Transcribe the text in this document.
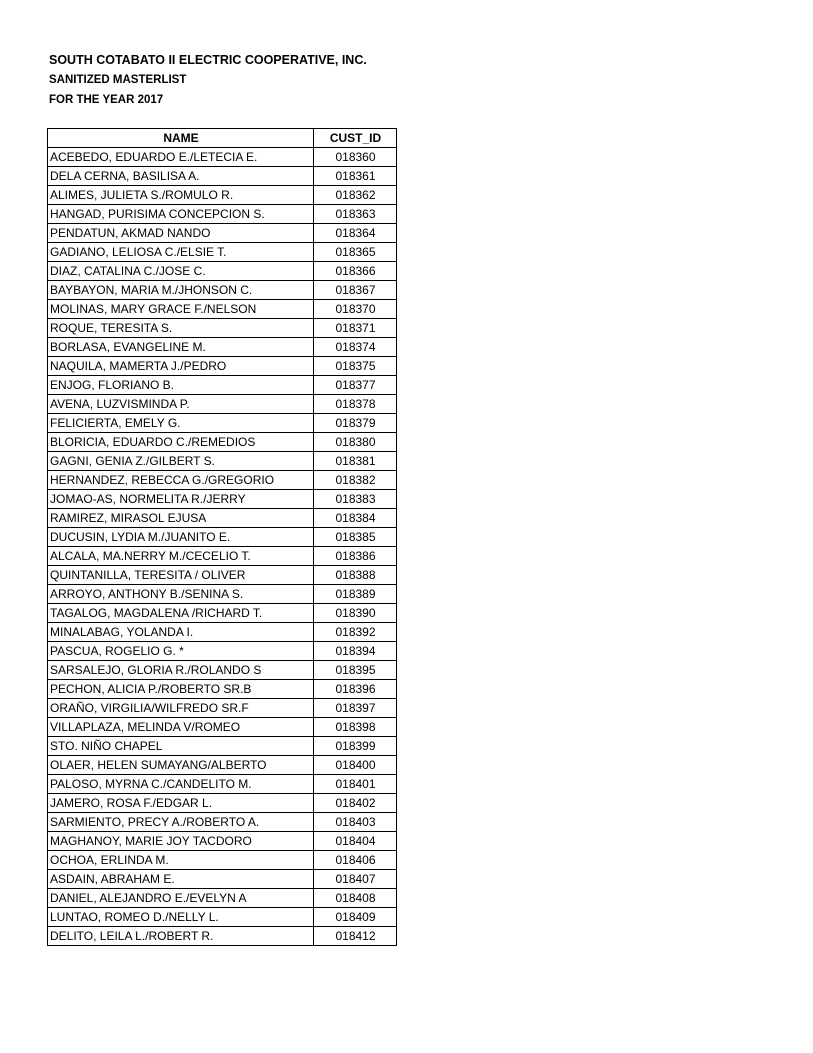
SOUTH COTABATO II ELECTRIC COOPERATIVE, INC.
SANITIZED MASTERLIST
FOR THE YEAR 2017
NAME	CUST_ID
ACEBEDO, EDUARDO E./LETECIA E.	018360
DELA CERNA, BASILISA A.	018361
ALIMES, JULIETA S./ROMULO R.	018362
HANGAD, PURISIMA CONCEPCION S.	018363
PENDATUN, AKMAD NANDO	018364
GADIANO, LELIOSA C./ELSIE T.	018365
DIAZ, CATALINA C./JOSE C.	018366
BAYBAYON, MARIA M./JHONSON C.	018367
MOLINAS, MARY GRACE F./NELSON	018370
ROQUE, TERESITA S.	018371
BORLASA, EVANGELINE M.	018374
NAQUILA, MAMERTA J./PEDRO	018375
ENJOG, FLORIANO B.	018377
AVENA, LUZVISMINDA P.	018378
FELICIERTA, EMELY G.	018379
BLORICIA, EDUARDO C./REMEDIOS	018380
GAGNI, GENIA Z./GILBERT S.	018381
HERNANDEZ, REBECCA G./GREGORIO	018382
JOMAO-AS, NORMELITA R./JERRY	018383
RAMIREZ, MIRASOL EJUSA	018384
DUCUSIN, LYDIA M./JUANITO E.	018385
ALCALA, MA.NERRY M./CECELIO T.	018386
QUINTANILLA, TERESITA / OLIVER	018388
ARROYO, ANTHONY B./SENINA S.	018389
TAGALOG, MAGDALENA /RICHARD T.	018390
MINALABAG, YOLANDA I.	018392
PASCUA, ROGELIO G. *	018394
SARSALEJO, GLORIA R./ROLANDO S	018395
PECHON, ALICIA P./ROBERTO SR.B	018396
ORAÑO, VIRGILIA/WILFREDO SR.F	018397
VILLAPLAZA, MELINDA V/ROMEO	018398
STO. NIÑO CHAPEL	018399
OLAER, HELEN SUMAYANG/ALBERTO	018400
PALOSO, MYRNA C./CANDELITO M.	018401
JAMERO, ROSA F./EDGAR L.	018402
SARMIENTO, PRECY A./ROBERTO A.	018403
MAGHANOY, MARIE JOY TACDORO	018404
OCHOA, ERLINDA M.	018406
ASDAIN, ABRAHAM E.	018407
DANIEL, ALEJANDRO E./EVELYN A	018408
LUNTAO, ROMEO D./NELLY L.	018409
DELITO, LEILA L./ROBERT R.	018412
